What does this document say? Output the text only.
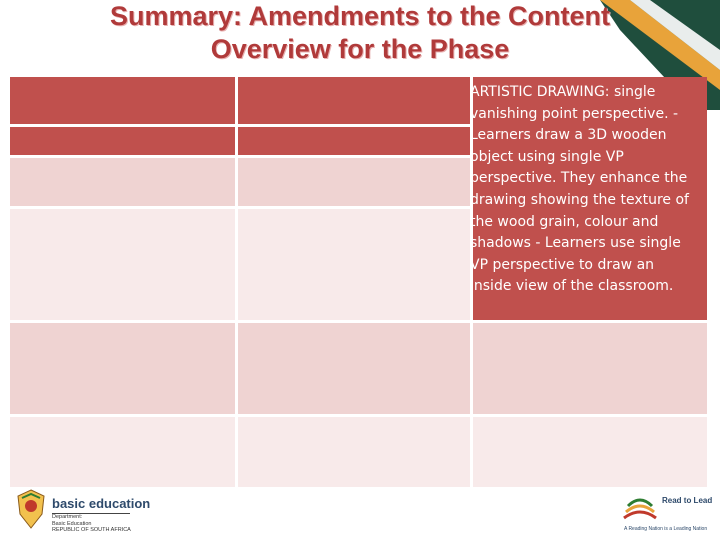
Summary: Amendments to the Content
Overview for the Phase
•
•
ARTISTIC DRAWING: single vanishing point perspective. - Learners draw a 3D wooden object using single VP perspective. They enhance the drawing showing the texture of the wood grain, colour and shadows - Learners use single VP perspective to draw an inside view of the classroom.
basic education
Department:
Basic Education
REPUBLIC OF SOUTH AFRICA
Read to Lead
A Reading Nation is a Leading Nation
